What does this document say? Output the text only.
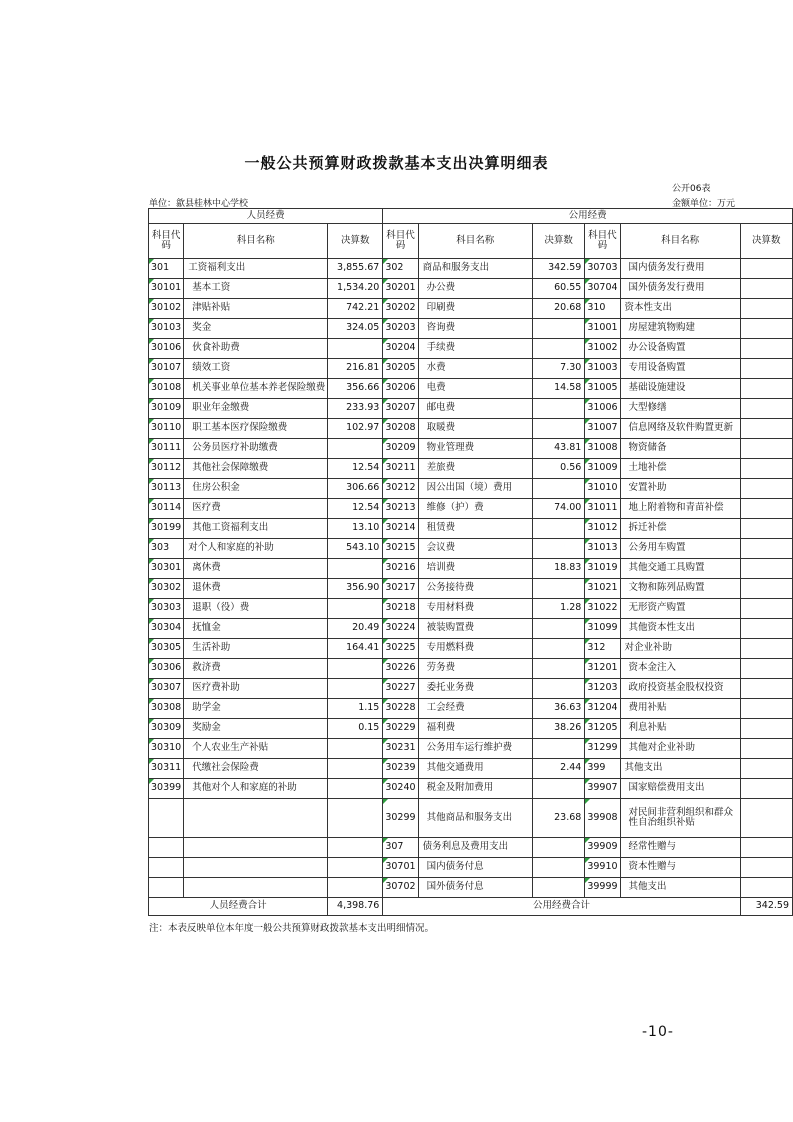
一般公共预算财政拨款基本支出决算明细表
公开06表
单位：歙县桂林中心学校	金额单位：万元
人员经费			公用经费					
科目代码	科目名称	决算数	科目代码	科目名称	决算数	科目代码	科目名称	决算数
301	工资福利支出	3,855.67	302	商品和服务支出	342.59	30703	国内债务发行费用	
30101	基本工资	1,534.20	30201	办公费	60.55	30704	国外债务发行费用	
30102	津贴补贴	742.21	30202	印刷费	20.68	310	资本性支出	
30103	奖金	324.05	30203	咨询费		31001	房屋建筑物购建	
30106	伙食补助费		30204	手续费		31002	办公设备购置	
30107	绩效工资	216.81	30205	水费	7.30	31003	专用设备购置	
30108	机关事业单位基本养老保险缴费	356.66	30206	电费	14.58	31005	基础设施建设	
30109	职业年金缴费	233.93	30207	邮电费		31006	大型修缮	
30110	职工基本医疗保险缴费	102.97	30208	取暖费		31007	信息网络及软件购置更新	
30111	公务员医疗补助缴费		30209	物业管理费	43.81	31008	物资储备	
30112	其他社会保障缴费	12.54	30211	差旅费	0.56	31009	土地补偿	
30113	住房公积金	306.66	30212	因公出国（境）费用		31010	安置补助	
30114	医疗费	12.54	30213	维修（护）费	74.00	31011	地上附着物和青苗补偿	
30199	其他工资福利支出	13.10	30214	租赁费		31012	拆迁补偿	
303	对个人和家庭的补助	543.10	30215	会议费		31013	公务用车购置	
30301	离休费		30216	培训费	18.83	31019	其他交通工具购置	
30302	退休费	356.90	30217	公务接待费		31021	文物和陈列品购置	
30303	退职（役）费		30218	专用材料费	1.28	31022	无形资产购置	
30304	抚恤金	20.49	30224	被装购置费		31099	其他资本性支出	
30305	生活补助	164.41	30225	专用燃料费		312	对企业补助	
30306	救济费		30226	劳务费		31201	资本金注入	
30307	医疗费补助		30227	委托业务费		31203	政府投资基金股权投资	
30308	助学金	1.15	30228	工会经费	36.63	31204	费用补贴	
30309	奖励金	0.15	30229	福利费	38.26	31205	利息补贴	
30310	个人农业生产补贴		30231	公务用车运行维护费		31299	其他对企业补助	
30311	代缴社会保险费		30239	其他交通费用	2.44	399	其他支出	
30399	其他对个人和家庭的补助		30240	税金及附加费用		39907	国家赔偿费用支出	
			30299	其他商品和服务支出	23.68	39908	对民间非营利组织和群众性自治组织补贴	
			307	债务利息及费用支出		39909	经常性赠与	
			30701	国内债务付息		39910	资本性赠与	
			30702	国外债务付息		39999	其他支出	
人员经费合计		4,398.76	公用经费合计					342.59
注：本表反映单位本年度一般公共预算财政拨款基本支出明细情况。
-10-
